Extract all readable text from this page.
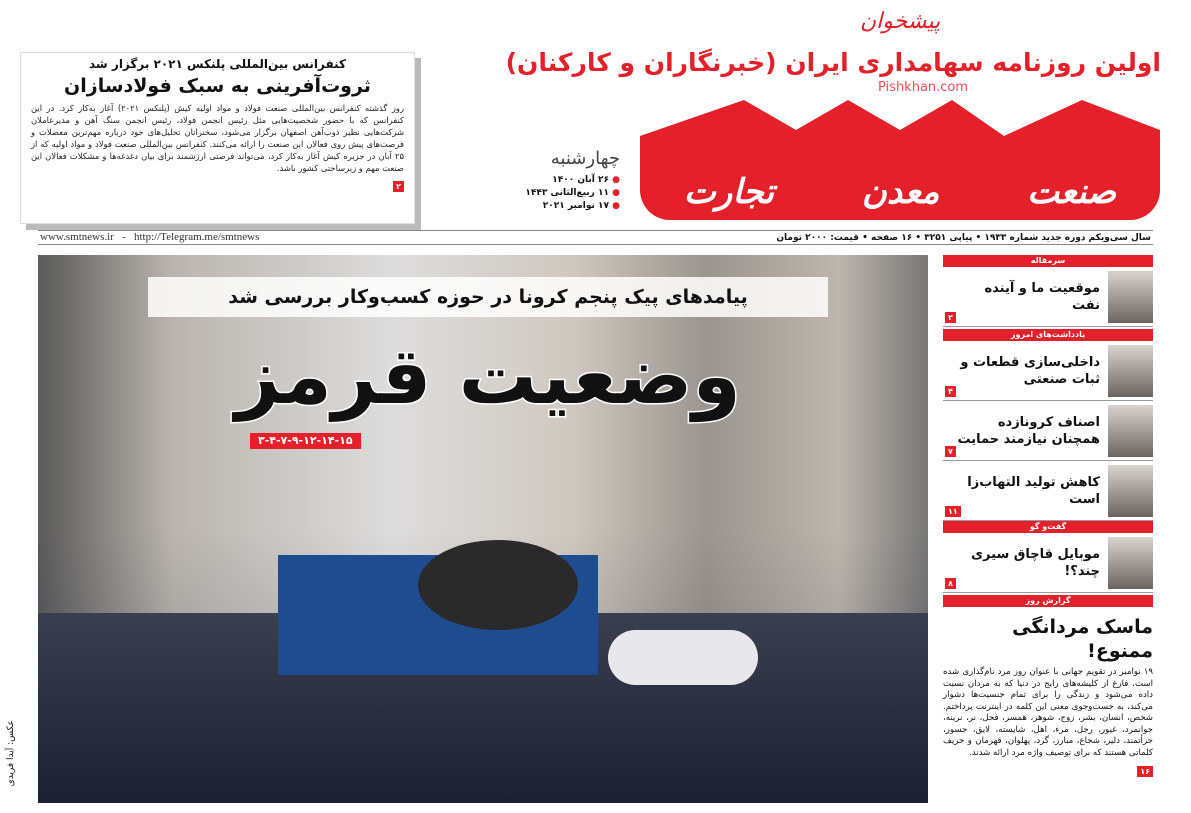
کنفرانس بین‌المللی پلنکس ۲۰۲۱ برگزار شد
ثروت‌آفرینی به سبک فولادسازان

روز گذشته کنفرانس بین‌المللی صنعت فولاد و مواد اولیه کیش (پلنکس ۲۰۲۱) آغاز به‌کار کرد. در این کنفرانس که با حضور شخصیت‌هایی مثل رئیس انجمن فولاد، رئیس انجمن سنگ آهن و مدیرعاملان شرکت‌هایی نظیر ذوب‌آهن اصفهان برگزار می‌شود، سخنرانان تحلیل‌های خود درباره مهم‌ترین معضلات و فرصت‌های پیش روی فعالان این صنعت را ارائه می‌کنند. کنفرانس بین‌المللی صنعت فولاد و مواد اولیه که از ۲۵ آبان در جزیره کیش آغاز به‌کار کرد، می‌تواند فرصتی ارزشمند برای بیان دغدغه‌ها و مشکلات فعالان این صنعت مهم و زیرساختی کشور باشد.

۲
اولین روزنامه سهامداری ایران (خبرنگاران و کارکنان)
صنعت
معدن
تجارت
پیشخوان
Pishkhan.com
چهارشنبه
● ۲۶ آبان ۱۴۰۰
● ۱۱ ربیع‌الثانی ۱۴۴۳
● ۱۷ نوامبر ۲۰۲۱
www.smtnews.ir   -   http://Telegram.me/smtnews	سال سی‌ویکم دوره جدید شماره ۱۹۳۳ • پیاپی ۳۲۵۱ • ۱۶ صفحه • قیمت: ۲۰۰۰ تومان
پیامدهای پیک پنجم کرونا در حوزه کسب‌وکار بررسی شد
وضعیت قرمز
۳-۴-۷-۹-۱۲-۱۴-۱۵
عکس: آیدا فریدی
سرمقاله
موقعیت ما و آینده نفت
۲
یادداشت‌های امروز
داخلی‌سازی قطعات و ثبات صنعتی
۴
اصناف کرونازده همچنان نیازمند حمایت
۷
کاهش تولید التهاب‌زا است
۱۱
گفت‌و گو
موبایل قاچاق سیری چند؟!
۸
گزارش روز
ماسک مردانگی ممنوع!

۱۹ نوامبر در تقویم جهانی با عنوان روز مرد نام‌گذاری شده است. فارغ از کلیشه‌های رایج در دنیا که به مردان نسبت داده می‌شود و زندگی را برای تمام جنسیت‌ها دشوار می‌کند، به جست‌وجوی معنی این کلمه در اینترنت پرداختم. شخص، انسان، بشر، زوج، شوهر، همسر، فحل، نر، نرینه، جوانمرد، غیور، رجل، مرء، اهل، شایسته، لایق، جسور، جرأتمند، دلیر، شجاع، مبارز، گرد، پهلوان، قهرمان و حریف کلماتی هستند که برای توصیف واژه مرد ارائه شدند.

۱۶
